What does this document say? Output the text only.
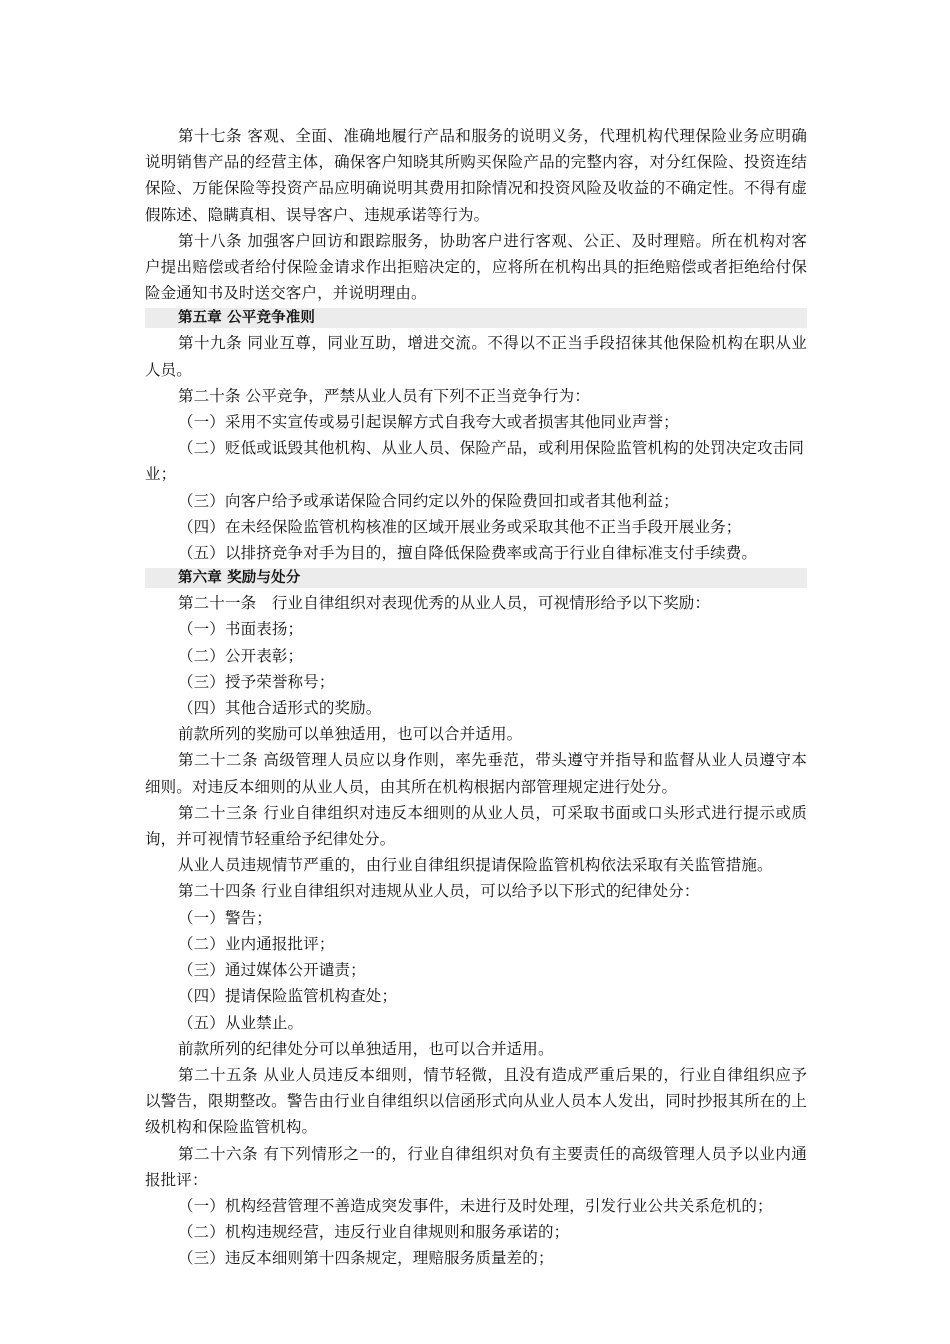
第十七条 客观、全面、准确地履行产品和服务的说明义务，代理机构代理保险业务应明确说明销售产品的经营主体，确保客户知晓其所购买保险产品的完整内容，对分红保险、投资连结保险、万能保险等投资产品应明确说明其费用扣除情况和投资风险及收益的不确定性。不得有虚假陈述、隐瞒真相、误导客户、违规承诺等行为。

第十八条 加强客户回访和跟踪服务，协助客户进行客观、公正、及时理赔。所在机构对客户提出赔偿或者给付保险金请求作出拒赔决定的，应将所在机构出具的拒绝赔偿或者拒绝给付保险金通知书及时送交客户，并说明理由。

第五章 公平竞争准则

第十九条 同业互尊，同业互助，增进交流。不得以不正当手段招徕其他保险机构在职从业人员。

第二十条 公平竞争，严禁从业人员有下列不正当竞争行为：

（一）采用不实宣传或易引起误解方式自我夸大或者损害其他同业声誉；

（二）贬低或诋毁其他机构、从业人员、保险产品，或利用保险监管机构的处罚决定攻击同业；

（三）向客户给予或承诺保险合同约定以外的保险费回扣或者其他利益；

（四）在未经保险监管机构核准的区域开展业务或采取其他不正当手段开展业务；

（五）以排挤竞争对手为目的，擅自降低保险费率或高于行业自律标准支付手续费。

第六章 奖励与处分

第二十一条　行业自律组织对表现优秀的从业人员，可视情形给予以下奖励：

（一）书面表扬；

（二）公开表彰；

（三）授予荣誉称号；

（四）其他合适形式的奖励。

前款所列的奖励可以单独适用，也可以合并适用。

第二十二条 高级管理人员应以身作则，率先垂范，带头遵守并指导和监督从业人员遵守本细则。对违反本细则的从业人员，由其所在机构根据内部管理规定进行处分。

第二十三条 行业自律组织对违反本细则的从业人员，可采取书面或口头形式进行提示或质询，并可视情节轻重给予纪律处分。

从业人员违规情节严重的，由行业自律组织提请保险监管机构依法采取有关监管措施。

第二十四条 行业自律组织对违规从业人员，可以给予以下形式的纪律处分：

（一）警告；

（二）业内通报批评；

（三）通过媒体公开谴责；

（四）提请保险监管机构查处；

（五）从业禁止。

前款所列的纪律处分可以单独适用，也可以合并适用。

第二十五条 从业人员违反本细则，情节轻微，且没有造成严重后果的，行业自律组织应予以警告，限期整改。警告由行业自律组织以信函形式向从业人员本人发出，同时抄报其所在的上级机构和保险监管机构。

第二十六条 有下列情形之一的，行业自律组织对负有主要责任的高级管理人员予以业内通报批评：

（一）机构经营管理不善造成突发事件，未进行及时处理，引发行业公共关系危机的；

（二）机构违规经营，违反行业自律规则和服务承诺的；

（三）违反本细则第十四条规定，理赔服务质量差的；
